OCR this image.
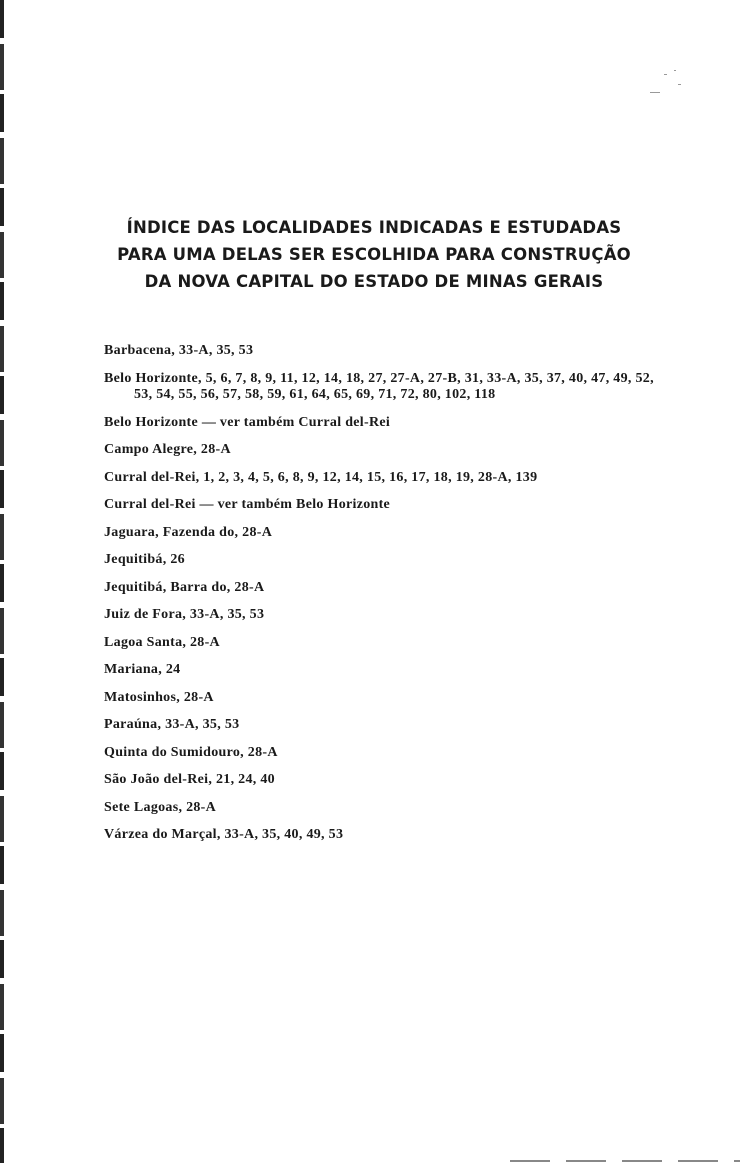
ÍNDICE DAS LOCALIDADES INDICADAS E ESTUDADAS
PARA UMA DELAS SER ESCOLHIDA PARA CONSTRUÇÃO
DA NOVA CAPITAL DO ESTADO DE MINAS GERAIS
Barbacena, 33-A, 35, 53
Belo Horizonte, 5, 6, 7, 8, 9, 11, 12, 14, 18, 27, 27-A, 27-B, 31, 33-A, 35, 37, 40, 47, 49, 52, 53, 54, 55, 56, 57, 58, 59, 61, 64, 65, 69, 71, 72, 80, 102, 118
Belo Horizonte — ver também Curral del-Rei
Campo Alegre, 28-A
Curral del-Rei, 1, 2, 3, 4, 5, 6, 8, 9, 12, 14, 15, 16, 17, 18, 19, 28-A, 139
Curral del-Rei — ver também Belo Horizonte
Jaguara, Fazenda do, 28-A
Jequitibá, 26
Jequitibá, Barra do, 28-A
Juiz de Fora, 33-A, 35, 53
Lagoa Santa, 28-A
Mariana, 24
Matosinhos, 28-A
Paraúna, 33-A, 35, 53
Quinta do Sumidouro, 28-A
São João del-Rei, 21, 24, 40
Sete Lagoas, 28-A
Várzea do Marçal, 33-A, 35, 40, 49, 53
